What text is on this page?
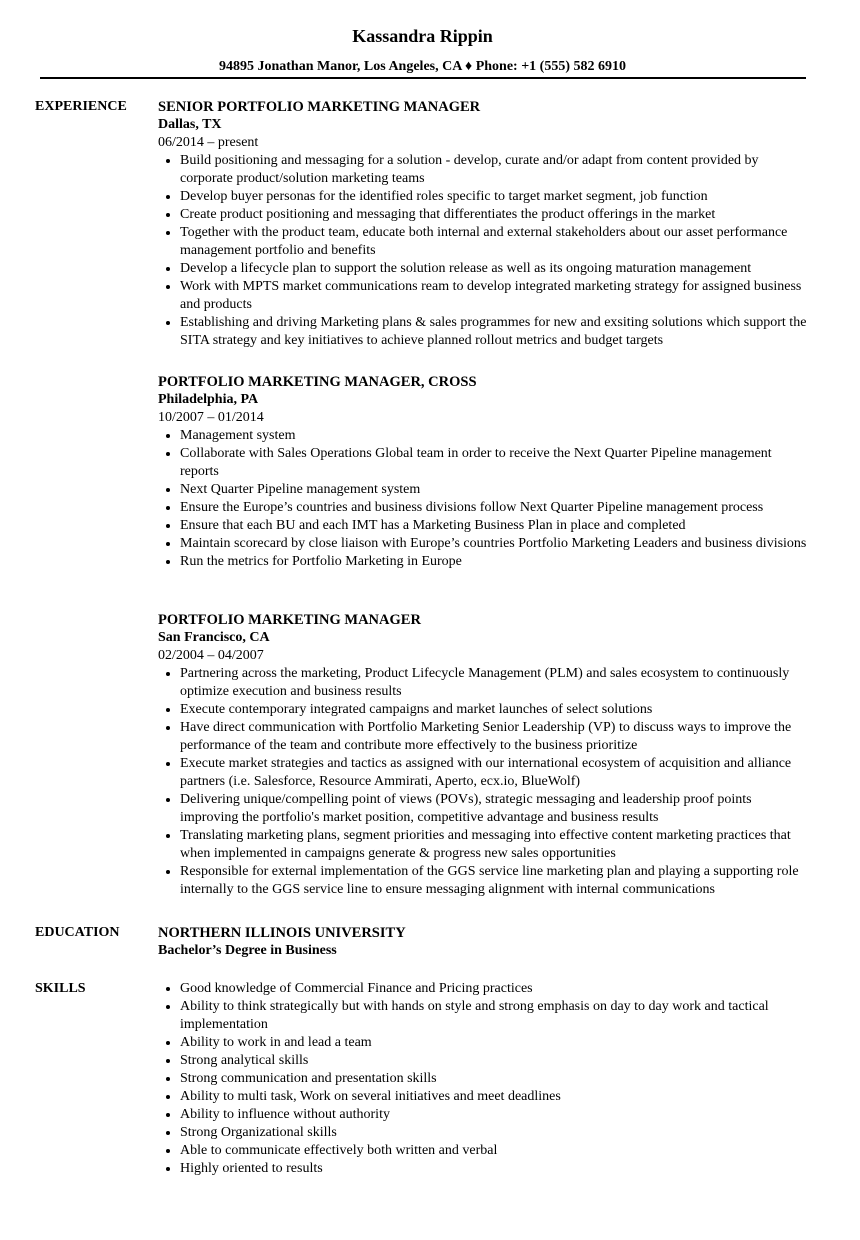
Kassandra Rippin
94895 Jonathan Manor, Los Angeles, CA ♦ Phone: +1 (555) 582 6910
EXPERIENCE SENIOR PORTFOLIO MARKETING MANAGER
Dallas, TX
06/2014 – present
Build positioning and messaging for a solution - develop, curate and/or adapt from content provided by corporate product/solution marketing teams
Develop buyer personas for the identified roles specific to target market segment, job function
Create product positioning and messaging that differentiates the product offerings in the market
Together with the product team, educate both internal and external stakeholders about our asset performance management portfolio and benefits
Develop a lifecycle plan to support the solution release as well as its ongoing maturation management
Work with MPTS market communications ream to develop integrated marketing strategy for assigned business and products
Establishing and driving Marketing plans & sales programmes for new and exsiting solutions which support the SITA strategy and key initiatives to achieve planned rollout metrics and budget targets
PORTFOLIO MARKETING MANAGER, CROSS
Philadelphia, PA
10/2007 – 01/2014
Management system
Collaborate with Sales Operations Global team in order to receive the Next Quarter Pipeline management reports
Next Quarter Pipeline management system
Ensure the Europe’s countries and business divisions follow Next Quarter Pipeline management process
Ensure that each BU and each IMT has a Marketing Business Plan in place and completed
Maintain scorecard by close liaison with Europe’s countries Portfolio Marketing Leaders and business divisions
Run the metrics for Portfolio Marketing in Europe
PORTFOLIO MARKETING MANAGER
San Francisco, CA
02/2004 – 04/2007
Partnering across the marketing, Product Lifecycle Management (PLM) and sales ecosystem to continuously optimize execution and business results
Execute contemporary integrated campaigns and market launches of select solutions
Have direct communication with Portfolio Marketing Senior Leadership (VP) to discuss ways to improve the performance of the team and contribute more effectively to the business prioritize
Execute market strategies and tactics as assigned with our international ecosystem of acquisition and alliance partners (i.e. Salesforce, Resource Ammirati, Aperto, ecx.io, BlueWolf)
Delivering unique/compelling point of views (POVs), strategic messaging and leadership proof points improving the portfolio's market position, competitive advantage and business results
Translating marketing plans, segment priorities and messaging into effective content marketing practices that when implemented in campaigns generate & progress new sales opportunities
Responsible for external implementation of the GGS service line marketing plan and playing a supporting role internally to the GGS service line to ensure messaging alignment with internal communications
EDUCATION	NORTHERN ILLINOIS UNIVERSITY
Bachelor’s Degree in Business
SKILLS	Good knowledge of Commercial Finance and Pricing practices
Ability to think strategically but with hands on style and strong emphasis on day to day work and tactical implementation
Ability to work in and lead a team
Strong analytical skills
Strong communication and presentation skills
Ability to multi task, Work on several initiatives and meet deadlines
Ability to influence without authority
Strong Organizational skills
Able to communicate effectively both written and verbal
Highly oriented to results
